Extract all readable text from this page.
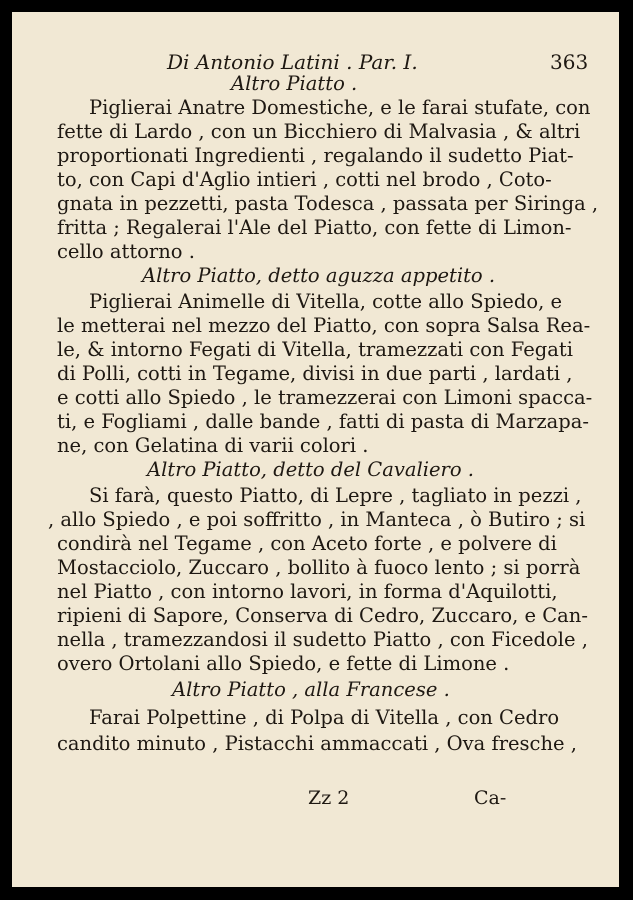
Di Antonio Latini . Par. I.	363
Altro Piatto .
Piglierai Anatre Domestiche, e le farai stufate, con
fette di Lardo , con un Bicchiero di Malvasia , & altri
proportionati Ingredienti , regalando il sudetto Piat-
to, con Capi d'Aglio intieri , cotti nel brodo , Coto-
gnata in pezzetti, pasta Todesca , passata per Siringa ,
fritta ; Regalerai l'Ale del Piatto, con fette di Limon-
cello attorno .
Altro Piatto, detto aguzza appetito .
Piglierai Animelle di Vitella, cotte allo Spiedo, e
le metterai nel mezzo del Piatto, con sopra Salsa Rea-
le, & intorno Fegati di Vitella, tramezzati con Fegati
di Polli, cotti in Tegame, divisi in due parti , lardati ,
e cotti allo Spiedo , le tramezzerai con Limoni spacca-
ti, e Fogliami , dalle bande , fatti di pasta di Marzapa-
ne, con Gelatina di varii colori .
Altro Piatto, detto del Cavaliero .
Si farà, questo Piatto, di Lepre , tagliato in pezzi ,
, allo Spiedo , e poi soffritto , in Manteca , ò Butiro ; si
condirà nel Tegame , con Aceto forte , e polvere di
Mostacciolo, Zuccaro , bollito à fuoco lento ; si porrà
nel Piatto , con intorno lavori, in forma d'Aquilotti,
ripieni di Sapore, Conserva di Cedro, Zuccaro, e Can-
nella , tramezzandosi il sudetto Piatto , con Ficedole ,
overo Ortolani allo Spiedo, e fette di Limone .
Altro Piatto , alla Francese .
Farai Polpettine , di Polpa di Vitella , con Cedro
candito minuto , Pistacchi ammaccati , Ova fresche ,
Zz 2	Ca-
